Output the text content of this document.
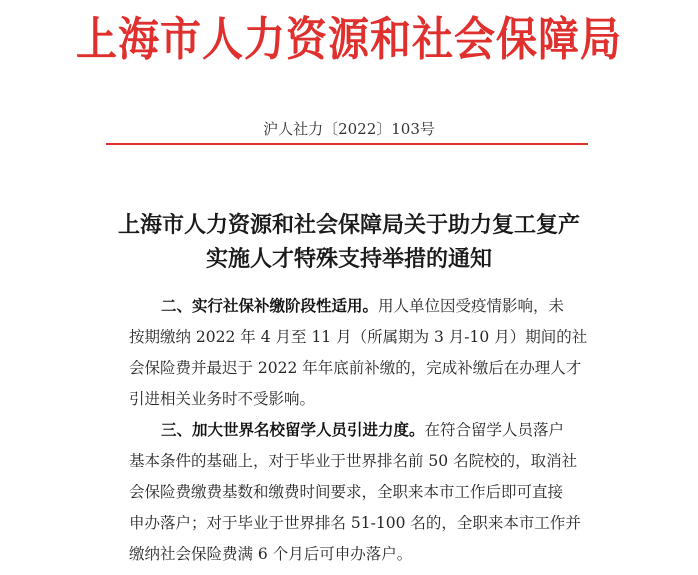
上海市人力资源和社会保障局
沪人社力〔2022〕103号
上海市人力资源和社会保障局关于助力复工复产
实施人才特殊支持举措的通知
二、实行社保补缴阶段性适用。用人单位因受疫情影响，未
按期缴纳 2022 年 4 月至 11 月（所属期为 3 月-10 月）期间的社
会保险费并最迟于 2022 年年底前补缴的，完成补缴后在办理人才
引进相关业务时不受影响。
三、加大世界名校留学人员引进力度。在符合留学人员落户
基本条件的基础上，对于毕业于世界排名前 50 名院校的，取消社
会保险费缴费基数和缴费时间要求，全职来本市工作后即可直接
申办落户；对于毕业于世界排名 51-100 名的，全职来本市工作并
缴纳社会保险费满 6 个月后可申办落户。
